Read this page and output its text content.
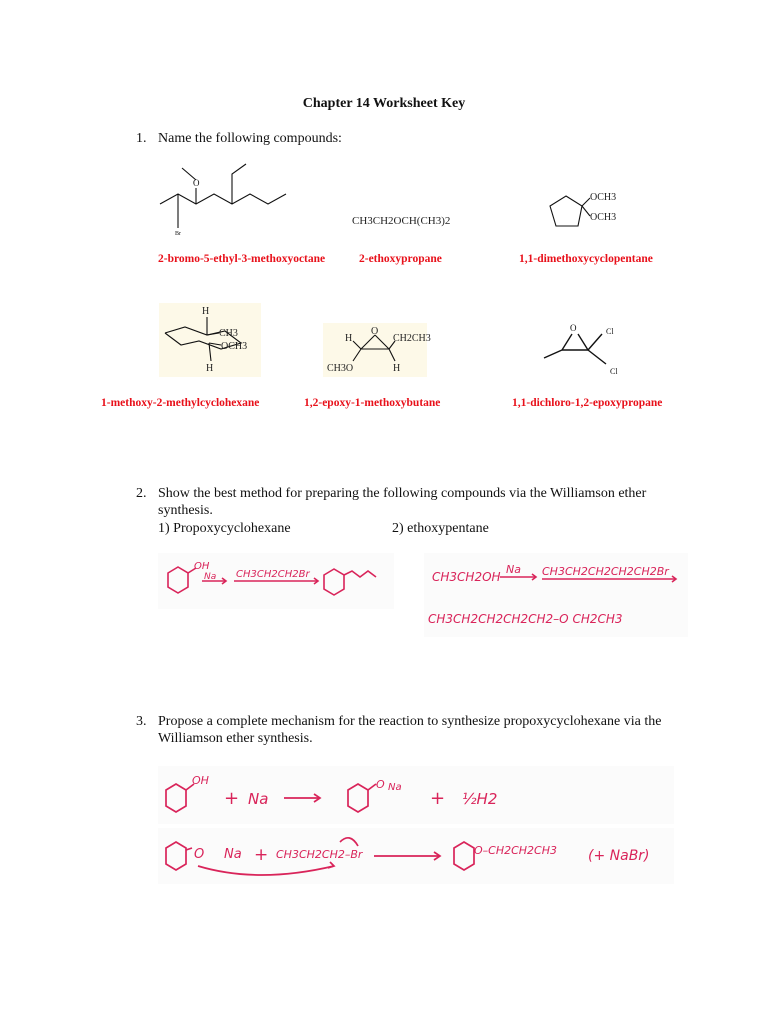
Chapter 14 Worksheet Key
1. Name the following compounds:
O
Br
CH3CH2OCH(CH3)2
OCH3
OCH3
2-bromo-5-ethyl-3-methoxyoctane	2-ethoxypropane	1,1-dimethoxycyclopentane
H
CH3
OCH3
H
H
O
CH2CH3
CH3O	H
O	Cl
Cl
1-methoxy-2-methylcyclohexane	1,2-epoxy-1-methoxybutane	1,1-dichloro-1,2-epoxypropane
2. Show the best method for preparing the following compounds via the Williamson ether synthesis.
1) Propoxycyclohexane	2) ethoxypentane
OH
Na CH3CH2CH2Br	CH3CH2OH
Na CH3CH2CH2CH2CH2Br
CH3CH2CH2CH2CH2–O CH2CH3
3. Propose a complete mechanism for the reaction to synthesize propoxycyclohexane via the Williamson ether synthesis.
OH
+ Na
O Na
+ ½H2
O Na + CH3CH2CH2–Br	O–CH2CH2CH3 (+ NaBr)
